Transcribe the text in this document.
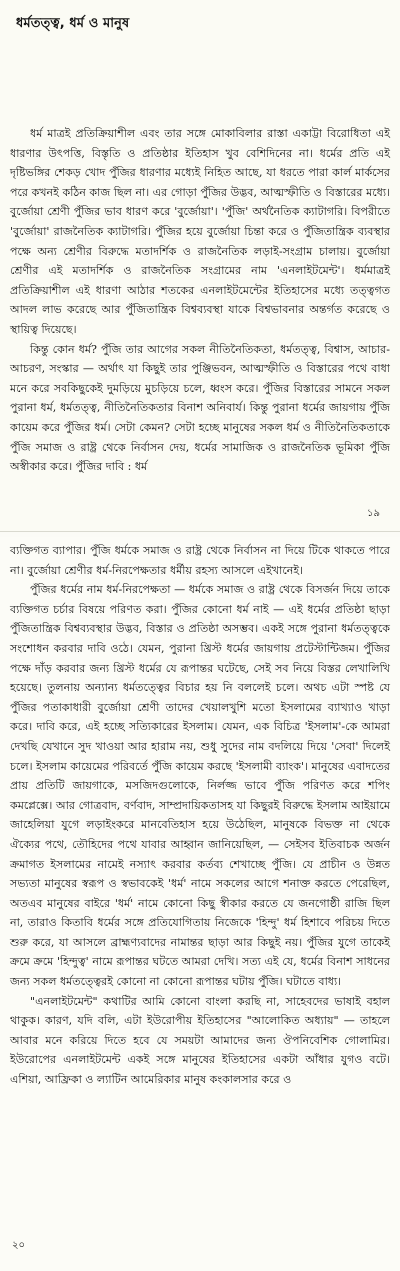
ধর্মতত্ত্ব, ধর্ম ও মানুষ

ধর্ম মাত্রই প্রতিক্রিয়াশীল এবং তার সঙ্গে মোকাবিলার রাস্তা একাট্টা বিরোধিতা এই ধারণার উৎপত্তি, বিস্তৃতি ও প্রতিষ্ঠার ইতিহাস খুব বেশিদিনের না। ধর্মের প্রতি এই দৃষ্টিভঙ্গির শেকড় খোদ পুঁজির ধারণার মধ্যেই নিহিত আছে, যা ধরতে পারা কার্ল মার্কসের পরে কখনই কঠিন কাজ ছিল না। এর গোড়া পুঁজির উদ্ভব, আত্মস্ফীতি ও বিস্তারের মধ্যে। বুর্জোয়া শ্রেণী পুঁজির ভাব ধারণ করে 'বুর্জোয়া'। 'পুঁজি' অর্থনৈতিক ক্যাটাগরি। বিপরীতে 'বুর্জোয়া' রাজনৈতিক ক্যাটাগরি। পুঁজির হয়ে বুর্জোয়া চিন্তা করে ও পুঁজিতান্ত্রিক ব্যবস্থার পক্ষে অন্য শ্রেণীর বিরুদ্ধে মতাদর্শিক ও রাজনৈতিক লড়াই-সংগ্রাম চালায়। বুর্জোয়া শ্রেণীর এই মতাদর্শিক ও রাজনৈতিক সংগ্রামের নাম 'এনলাইটমেন্ট'। ধর্মমাত্রই প্রতিক্রিয়াশীল এই ধারণা আঠার শতকের এনলাইটমেন্টের ইতিহাসের মধ্যে তত্ত্বগত আদল লাভ করেছে আর পুঁজিতান্ত্রিক বিশ্বব্যবস্থা যাকে বিশ্বভাবনার অন্তর্গত করেছে ও স্থায়িত্ব দিয়েছে।

কিন্তু কোন ধর্ম? পুঁজি তার আগের সকল নীতিনৈতিকতা, ধর্মতত্ত্ব, বিশ্বাস, আচার-আচরণ, সংস্কার — অর্থাৎ যা কিছুই তার পুঞ্জিভবন, আত্মস্ফীতি ও বিস্তারের পথে বাধা মনে করে সবকিছুকেই দুমড়িয়ে মুচড়িয়ে চলে, ধ্বংস করে। পুঁজির বিস্তারের সামনে সকল পুরানা ধর্ম, ধর্মতত্ত্ব, নীতিনৈতিকতার বিনাশ অনিবার্য। কিন্তু পুরানা ধর্মের জায়গায় পুঁজি কায়েম করে পুঁজির ধর্ম। সেটা কেমন? সেটা হচ্ছে মানুষের সকল ধর্ম ও নীতিনৈতিকতাকে পুঁজি সমাজ ও রাষ্ট্র থেকে নির্বাসন দেয়, ধর্মের সামাজিক ও রাজনৈতিক ভূমিকা পুঁজি অস্বীকার করে। পুঁজির দাবি : ধর্ম

১৯

ব্যক্তিগত ব্যাপার। পুঁজি ধর্মকে সমাজ ও রাষ্ট্র থেকে নির্বাসন না দিয়ে টিকে থাকতে পারে না। বুর্জোয়া শ্রেণীর ধর্ম-নিরপেক্ষতার ধর্মীয় রহস্য আসলে এইখানেই।

পুঁজির ধর্মের নাম ধর্ম-নিরপেক্ষতা — ধর্মকে সমাজ ও রাষ্ট্র থেকে বিসর্জন দিয়ে তাকে ব্যক্তিগত চর্চার বিষয়ে পরিণত করা। পুঁজির কোনো ধর্ম নাই — এই ধর্মের প্রতিষ্ঠা ছাড়া পুঁজিতান্ত্রিক বিশ্বব্যবস্থার উদ্ভব, বিস্তার ও প্রতিষ্ঠা অসম্ভব। একই সঙ্গে পুরানা ধর্মতত্ত্বকে সংশোধন করবার দাবি ওঠে। যেমন, পুরানা খ্রিস্ট ধর্মের জায়গায় প্রটেস্টান্টিজম। পুঁজির পক্ষে দাঁড় করবার জন্য খ্রিস্ট ধর্মের যে রূপান্তর ঘটেছে, সেই সব নিয়ে বিস্তর লেখালিখি হয়েছে। তুলনায় অন্যান্য ধর্মতত্ত্বের বিচার হয় নি বললেই চলে। অথচ এটা স্পষ্ট যে পুঁজির পতাকাধারী বুর্জোয়া শ্রেণী তাদের খেয়ালখুশি মতো ইসলামের ব্যাখ্যাও খাড়া করে। দাবি করে, এই হচ্ছে সত্যিকারের ইসলাম। যেমন, এক বিচিত্র 'ইসলাম'-কে আমরা দেখছি যেখানে সুদ খাওয়া আর হারাম নয়, শুধু সুদের নাম বদলিয়ে দিয়ে 'সেবা' দিলেই চলে। ইসলাম কায়েমের পরিবর্তে পুঁজি কায়েম করছে 'ইসলামী ব্যাংক'। মানুষের এবাদতের প্রায় প্রতিটি জায়গাকে, মসজিদগুলোকে, নির্লজ্জ ভাবে পুঁজি পরিণত করে শপিং কমপ্লেক্সে। আর গোত্রবাদ, বর্ণবাদ, সাম্প্রদায়িকতাসহ যা কিছুরই বিরুদ্ধে ইসলাম আইয়ামে জাহেলিয়া যুগে লড়াইংকরে মানবেতিহাস হয়ে উঠেছিল, মানুষকে বিভক্ত না থেকে ঐক্যের পথে, তৌহিদের পথে যাবার আহ্বান জানিয়েছিল, — সেইসব ইতিবাচক অর্জন ক্রমাগত ইসলামের নামেই নস্যাৎ করবার কর্তব্য শেখাচ্ছে পুঁজি। যে প্রাচীন ও উন্নত সভ্যতা মানুষের স্বরূপ ও স্বভাবকেই 'ধর্ম' নামে সকলের আগে শনাক্ত করতে পেরেছিল, অতএব মানুষের বাইরে 'ধর্ম' নামে কোনো কিছু স্বীকার করতে যে জনগোষ্ঠী রাজি ছিল না, তারাও কিতাবি ধর্মের সঙ্গে প্রতিযোগিতায় নিজেকে 'হিন্দু' ধর্ম হিশাবে পরিচয় দিতে শুরু করে, যা আসলে ব্রাহ্মণ্যবাদের নামান্তর ছাড়া আর কিছুই নয়। পুঁজির যুগে তাকেই ক্রমে ক্রমে 'হিন্দুত্ব' নামে রূপান্তর ঘটতে আমরা দেখি। সত্য এই যে, ধর্মের বিনাশ সাধনের জন্য সকল ধর্মতত্ত্বেরই কোনো না কোনো রূপান্তর ঘটায় পুঁজি। ঘটাতে বাধ্য।

"এনলাইটমেন্ট" কথাটির আমি কোনো বাংলা করছি না, সাহেবদের ভাষাই বহাল থাকুক। কারণ, যদি বলি, এটা ইউরোপীয় ইতিহাসের "আলোকিত অধ্যায়" — তাহলে আবার মনে করিয়ে দিতে হবে যে সময়টা আমাদের জন্য ঔপনিবেশিক গোলামির। ইউরোপের এনলাইটমেন্ট একই সঙ্গে মানুষের ইতিহাসের একটা আঁধার যুগও বটে। এশিয়া, আফ্রিকা ও ল্যাটিন আমেরিকার মানুষ কংকালসার করে ও

২০
